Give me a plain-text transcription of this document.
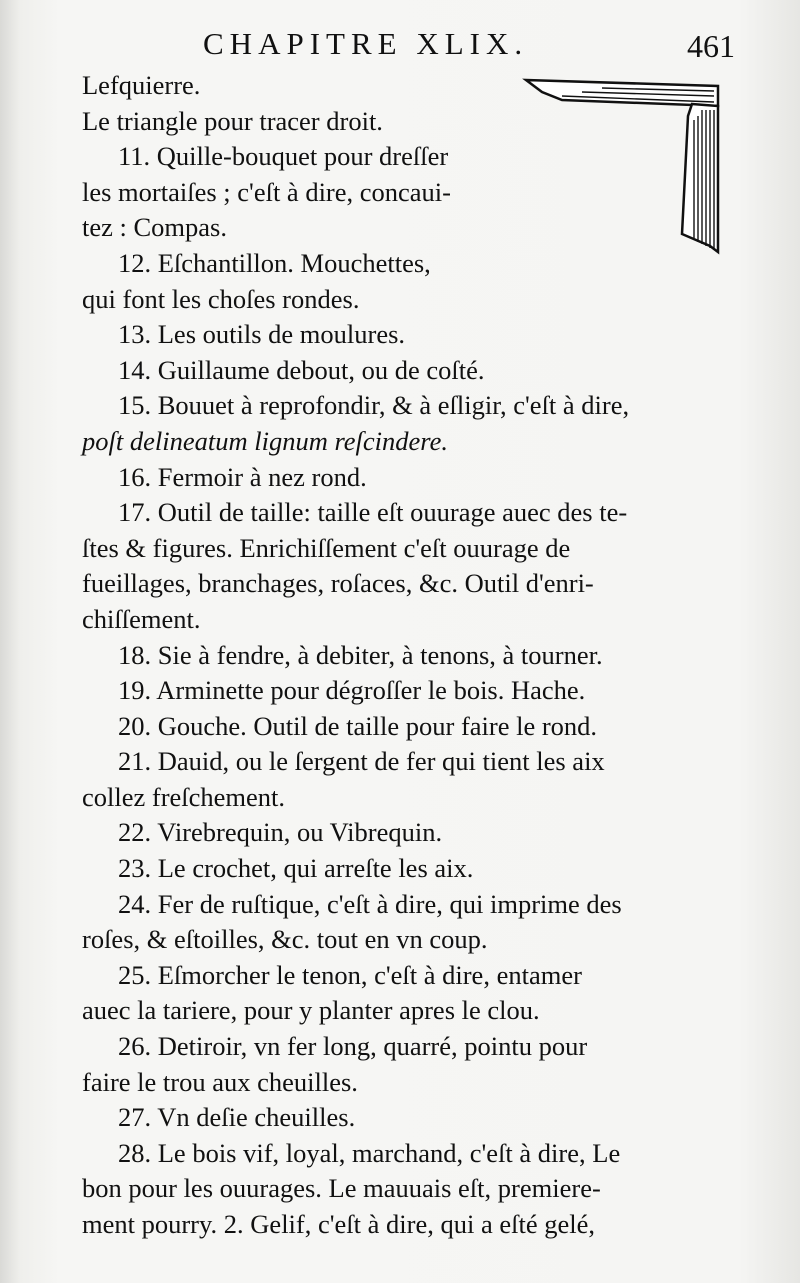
CHAPITRE XLIX.	461
Lefquierre.
Le triangle pour tracer droit.
11. Quille-bouquet pour dreſſer
les mortaiſes ; c'eſt à dire, concaui-
tez : Compas.
12. Eſchantillon. Mouchettes,
qui font les choſes rondes.
13. Les outils de moulures.
14. Guillaume debout, ou de coſté.
15. Bouuet à reprofondir, & à eſligir, c'eſt à dire,
poſt delineatum lignum reſcindere.
16. Fermoir à nez rond.
17. Outil de taille: taille eſt ouurage auec des te-
ſtes & figures. Enrichiſſement c'eſt ouurage de
fueillages, branchages, roſaces, &c. Outil d'enri-
chiſſement.
18. Sie à fendre, à debiter, à tenons, à tourner.
19. Arminette pour dégroſſer le bois. Hache.
20. Gouche. Outil de taille pour faire le rond.
21. Dauid, ou le ſergent de fer qui tient les aix
collez freſchement.
22. Virebrequin, ou Vibrequin.
23. Le crochet, qui arreſte les aix.
24. Fer de ruſtique, c'eſt à dire, qui imprime des
roſes, & eſtoilles, &c. tout en vn coup.
25. Eſmorcher le tenon, c'eſt à dire, entamer
auec la tariere, pour y planter apres le clou.
26. Detiroir, vn fer long, quarré, pointu pour
faire le trou aux cheuilles.
27. Vn deſie cheuilles.
28. Le bois vif, loyal, marchand, c'eſt à dire, Le
bon pour les ouurages. Le mauuais eſt, premiere-
ment pourry. 2. Gelif, c'eſt à dire, qui a eſté gelé,
